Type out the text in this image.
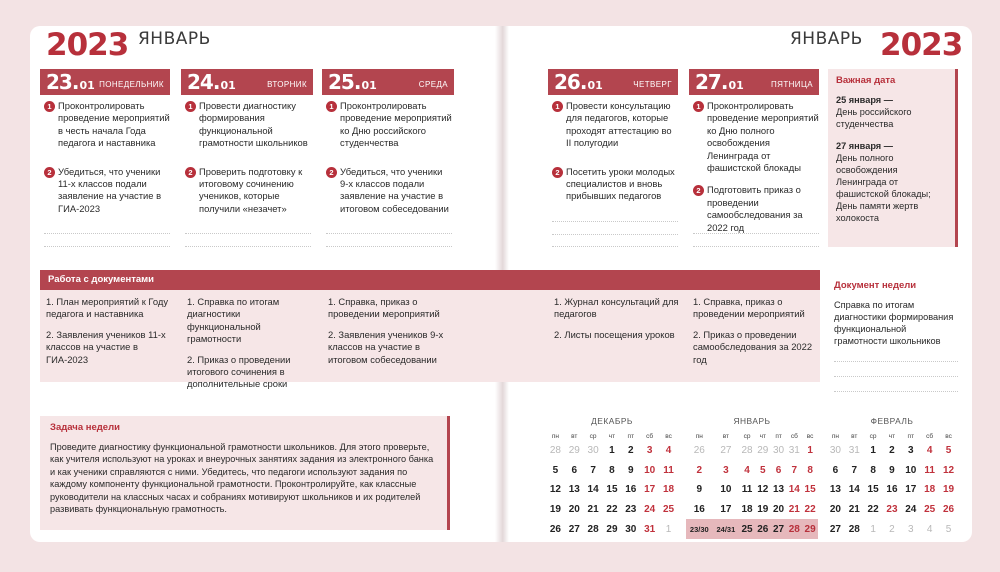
2023 ЯНВАРЬ	ЯНВАРЬ 2023
23. 01 ПОНЕДЕЛЬНИК
1 Проконтролировать проведение мероприятий в честь начала Года педагога и наставника
2 Убедиться, что ученики 11-х классов подали заявление на участие в ГИА-2023
24. 01	ВТОРНИК
1 Провести диагностику формирования функциональной грамотности школьников
2 Проверить подготовку к итоговому сочинению учеников, которые получили «незачет»
25. 01	СРЕДА
1 Проконтролировать проведение мероприятий ко Дню российского студенчества
2 Убедиться, что ученики 9-х классов подали заявление на участие в итоговом собеседовании
26. 01	ЧЕТВЕРГ
1 Провести консультацию для педагогов, которые проходят аттестацию во II полугодии
2 Посетить уроки молодых специалистов и вновь прибывших педагогов
27. 01	ПЯТНИЦА
1 Проконтролировать проведение мероприятий ко Дню полного освобождения Ленинграда от фашистской блокады
2 Подготовить приказ о проведении самообследования за 2022 год
Важная дата

25 января —
День российского студенчества

27 января —
День полного освобождения Ленинграда от фашистской блокады; День памяти жертв холокоста

Работа с документами
1. План мероприятий к Году педагога и наставника
2. Заявления учеников 11-х классов на участие в ГИА-2023
1. Справка по итогам диагностики функциональной грамотности
2. Приказ о проведении итогового сочинения в дополнительные сроки
1. Справка, приказ о проведении мероприятий
2. Заявления учеников 9-х классов на участие в итоговом собеседовании
1. Журнал консультаций для педагогов
2. Листы посещения уроков
1. Справка, приказ о проведении мероприятий
2. Приказ о проведении самообследования за 2022 год
Документ недели
Справка по итогам диагностики формирования функциональной грамотности школьников
Задача недели
Проведите диагностику функциональной грамотности школьников. Для этого проверьте, как учителя используют на уроках и внеурочных занятиях задания из электронного банка и как ученики справляются с ними. Убедитесь, что педагоги используют задания по каждому компоненту функциональной грамотности. Проконтролируйте, как классные руководители на классных часах и собраниях мотивируют школьников и их родителей развивать функциональную грамотность.
ДЕКАБРЬ
пн	вт	ср	чт	пт	сб	вс
28	29	30	1	2	3	4
5	6	7	8	9	10	11
12	13	14	15	16	17	18
19	20	21	22	23	24	25
26	27	28	29	30	31	1
ЯНВАРЬ
пн	вт	ср	чт	пт	сб	вс
26	27	28	29	30	31	1
2	3	4	5	6	7	8
9	10	11	12	13	14	15
16	17	18	19	20	21	22
23/30	24/31	25	26	27	28	29
ФЕВРАЛЬ
пн	вт	ср	чт	пт	сб	вс
30	31	1	2	3	4	5
6	7	8	9	10	11	12
13	14	15	16	17	18	19
20	21	22	23	24	25	26
27	28	1	2	3	4	5
